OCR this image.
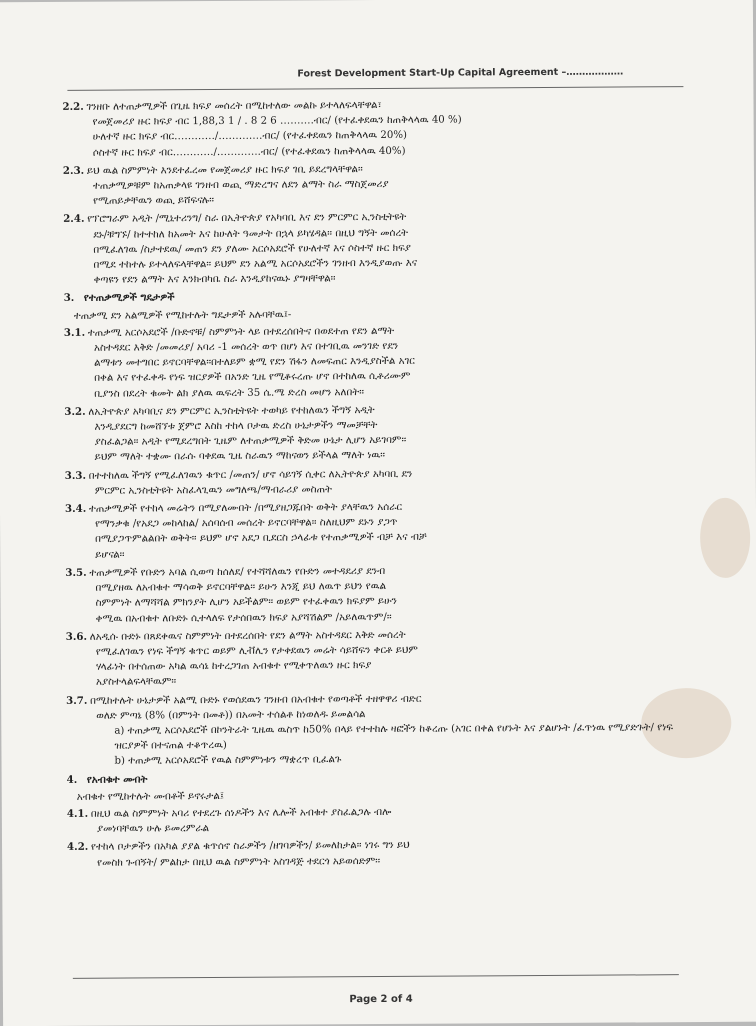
Forest Development Start-Up Capital Agreement –………………
2.2. ገንዘቡ ለተጠቃሚዎች በጊዜ ክፍያ መሰረት በሚከተለው መልኩ ይተላለፍላቸዋል፣
የመጀመሪያ ዙር ክፍያ ብር 1,88,3 1 / . 8 2 6 ……….ብር/ (የተፈቀደዉን ከጠቅላላዉ 40 %)
ሁለተኛ ዙር ክፍያ ብር…………/………….ብር/ (የተፈቀደዉን ከጠቅላላዉ 20%)
ሶስተኛ ዙር ክፍያ ብር…………/………….ብር/ (የተፈቀደዉን ከጠቅላላዉ 40%)
2.3. ይህ ዉል ስምምነት እንደተፈረመ የመጀመሪያ ዙር ክፍያ ገቢ ይደረግላቸዋል፡፡
ተጠቃሚዎቹም ከአጠቃላዩ ገንዘብ ወጪ ማድረግና ለደን ልማት ስራ ማስጀመሪያ
የሚጠይቃቸዉን ወጪ ይሸፍናሉ፡፡
2.4. የፕሮግራም አዲት /ሚኒተሪንግ/ ስራ በኢትዮጵያ የአካባቢ እና ደን ምርምር ኢንስቲትዩት
ደኑ/ቹግኙ/ ከተተከለ ከአመት እና ከሁለት ዓመታት በኋላ ይካሄዳል፡፡ በዚህ ግኝት መሰረት
በሚፈለገዉ /ስታተደዉ/ መጠን ደን ያለሙ አርሶአደሮች የሁለተኛ እና ሶስተኛ ዙር ክፍያ
በሚደ ተከተሉ ይተላለፍላቸዋል፡፡ ይህም ደን አልሚ አርሶአደሮችን ገንዘብ እንዲያወጡ እና
ቀጣዩን የደን ልማት እና እንክብካቤ ስራ እንዲያከናዉኑ ያግዛቸዋል፡፡
3. የተጠቃሚዎች ግዴታዎች

ተጠቃሚ ደን አልሚዎች የሚከተሉት ግዴታዎች አሉባቸዉ፤-

3.1. ተጠቃሚ አርሶአደሮች /ቡድኖቹ/ ስምምነት ላይ በተደረሰበትና በወደተጠ የደን ልማት
አስተዳደር እቅድ /መመሪያ/ አባሪ -1 መሰረት ወጥ በሆነ እና በተገቢዉ መንገድ የደን
ልማቱን መተግበር ይኖርባቸዋል፡፡በተለይም ቋሚ የደን ሽፋን ለመፍጠር እንዲያስችል አገር
በቀል እና የተፈቀዱ የነፍ ዝርያዎች በአንድ ጊዜ የሚቆሩረጡ ሆኖ በተከለዉ ሲቶሪሙም
ቢያንስ በደረት ቁመት ልክ ያለዉ ዉፍረት 35 ሴ.ሜ ድረስ መሆን አለበት፡፡
3.2. ለኢትዮጵያ አካባቢና ደን ምርምር ኢንስቲትዩት ተወካይ የተከለዉን ችግኝ አዲት
እንዲያደርግ ከመሸኘቱ ጀምሮ እስከ ተከላ ቦታዉ ድረስ ሁኔታዎችን ማመቻቸት
ያስፈልጋል፡፡ አዲት የሚደረግበት ጊዜም ለተጠቃሚዎች ቅድመ ሁኔታ ሊሆን አይገባም፡፡
ይህም ማለት ተቋሙ በራሱ ባቀደዉ ጊዜ ስራዉን ማከናወን ይችላል ማለት ነዉ፡፡
3.3. በተተከለዉ ችግኝ የሚፈለገዉን ቁጥር /መጠን/ ሆኖ ሳይገኝ ሲቀር ለኢትዮጵያ አካባቢ ደን
ምርምር ኢንስቲትዩት አስፈላጊዉን መግለጫ/ማብራሪያ መስጠት
3.4. ተጠቃሚዎች የተከላ መሬትን በሚያለሙበት /በሚያዘጋጁበት ወቅት ያላቸዉን አሰራር
የማንቃቁ /የአደጋ መከላከል/ አሰባሰብ መሰረት ይኖርባቸዋል፡፡ ስለዚህም ደኑን ያጋጥ
በሚያጋጥምልልበት ወቅት፡፡ ይህም ሆኖ አደጋ ቢደርስ ኃላፊቱ የተጠቃሚዎች ብቻ እና ብቻ
ይሆናል፡፡
3.5. ተጠቃሚዎች የቡድን አባል ሲወጣ ከሰለደ/ የተሻሻለዉን የቡድን መተዳደሪያ ደንብ
በሚያዘዉ ለአብቁተ ማሳወቅ ይኖርባቸዋል፡፡ ይሁን እንጂ ይህ ለዉጥ ይህን የዉል
ስምምነት ለማሻሻል ምክንያት ሊሆን አይችልም፡፡ ወይም የተፈቀዉን ክፍያም ይሁን
ቀሚዉ በአብቁተ ለቡድኑ ሲተላለፍ የታሰበዉን ክፍያ አያሻሽልም /አይለዉጥም/፡፡
3.6. ለአዲሱ ቡድኑ በጸደቀዉና ስምምነት በተደረሰበት የደን ልማት አስተዳደር እቅድ መሰረት
የሚፈለገዉን የነፍ ችግኝ ቁጥር ወይም ሊቭሊን የታቀደዉን መሬት ሳይሸፍን ቀርቶ ይህም
ሃላፊነት በተሰጠው አካል ዉሳኔ ከተረጋገጠ አብቁተ የሚቀጥለዉን ዙር ክፍያ
አያስተላልፍላቸዉም፡፡
3.7. በሚከተሉት ሁኔታዎች አልሚ ቡድኑ የወሰደዉን ገንዘብ በአብቁተ የወጣቶች ተዘዋዋሪ ብድር
ወለድ ምጣኔ (8% (በምንት በመቶ)) በአመት ተሰልቶ ከነወለዱ ይመልሳል

a) ተጠቃሚ አርሶአደሮች በኮንትራት ጊዜዉ ዉስጥ ከ50% በላይ የተተከሉ ዛፎችን ከቆረጡ (አገር በቀል የሆኑት እና ያልሆኑት /ፈጥነዉ የሚያድጉት/ የነፍ ዝርያዎች በተናጠል ተቆጥረዉ)

b) ተጠቃሚ አርሶአደሮች የዉል ስምምነቱን ማቋረጥ ቢፈልጉ

4. የአብቁተ መብት

አብቁተ የሚከተሉት መብቶች ይኖሩታል፤

4.1. በዚህ ዉል ስምምነት አባሪ የተደረጉ ሰነዶችን እና ሌሎች አብቁተ ያስፈልጋሉ ብሎ
ያመነባቸዉን ሁሉ ይመረምራል
4.2. የተከላ ቦታዎችን በአካል ያያል ቁጥሰኖ ስራዎችን /ዘገባዎችን/ ይመለከታል፡፡ ነገሩ ግን ይህ
የመስክ ጉብኝት/ ምልከታ በዚህ ዉል ስምምነት አስገዳጅ ተደርጎ አይወሰድም፡፡
Page 2 of 4
